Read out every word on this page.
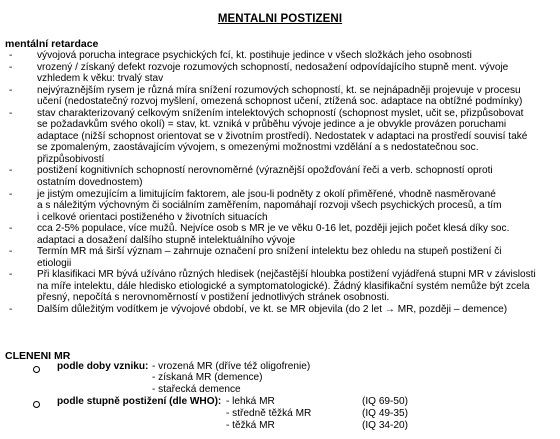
MENTALNI POSTIZENI
mentální retardace
- vývojová porucha integrace psychických fcí, kt. postihuje jedince v všech složkách jeho osobnosti
- vrozený / získaný defekt rozvoje rozumových schopností, nedosažení odpovídajícího stupně ment. vývoje
vzhledem k věku: trvalý stav
- nejvýraznějším rysem je různá míra snížení rozumových schopností, kt. se nejnápadněji projevuje v procesu
učení (nedostatečný rozvoj myšlení, omezená schopnost učení, ztížená soc. adaptace na obtížné podmínky)
- stav charakterizovaný celkovým snížením intelektových schopností (schopnost myslet, učit se, přizpůsobovat
se požadavkům svého okolí) = stav, kt. vzniká v průběhu vývoje jedince a je obvykle provázen poruchami
adaptace (nižší schopnost orientovat se v životním prostředí). Nedostatek v adaptaci na prostředí souvisí také
se zpomaleným, zaostávajícím vývojem, s omezenými možnostmi vzdělání a s nedostatečnou soc.
přizpůsobivostí
- postižení kognitivních schopností nerovnoměrné (výraznější opožďování řeči a verb. schopností oproti
ostatním dovednostem)
- je jistým omezujícím a limitujícím faktorem, ale jsou-li podněty z okolí přiměřené, vhodně nasměrované
a s náležitým výchovným či sociálním zaměřením, napomáhají rozvoji všech psychických procesů, a tím
i celkové orientaci postiženého v životních situacích
- cca 2-5% populace, více mužů. Nejvíce osob s MR je ve věku 0-16 let, později jejich počet klesá díky soc.
adaptaci a dosažení dalšího stupně intelektuálního vývoje
- Termín MR má širší význam – zahrnuje označení pro snížení intelektu bez ohledu na stupeň postižení či
etiologii
- Při klasifikaci MR bývá užíváno různých hledisek (nejčastější hloubka postižení vyjádřená stupni MR v závislosti
na míře intelektu, dále hledisko etiologické a symptomatologické). Žádný klasifikační systém nemůže být zcela
přesný, nepočítá s nerovnoměrností v postižení jednotlivých stránek osobnosti.
- Dalším důležitým vodítkem je vývojové období, ve kt. se MR objevila (do 2 let → MR, později – demence)
CLENENI MR
podle doby vzniku: - vrozená MR (dříve též oligofrenie)
- získaná MR (demence)
- stařecká demence
podle stupně postižení (dle WHO): - lehká MR	(IQ 69-50)
- středně těžká MR	(IQ 49-35)
- těžká MR	(IQ 34-20)
